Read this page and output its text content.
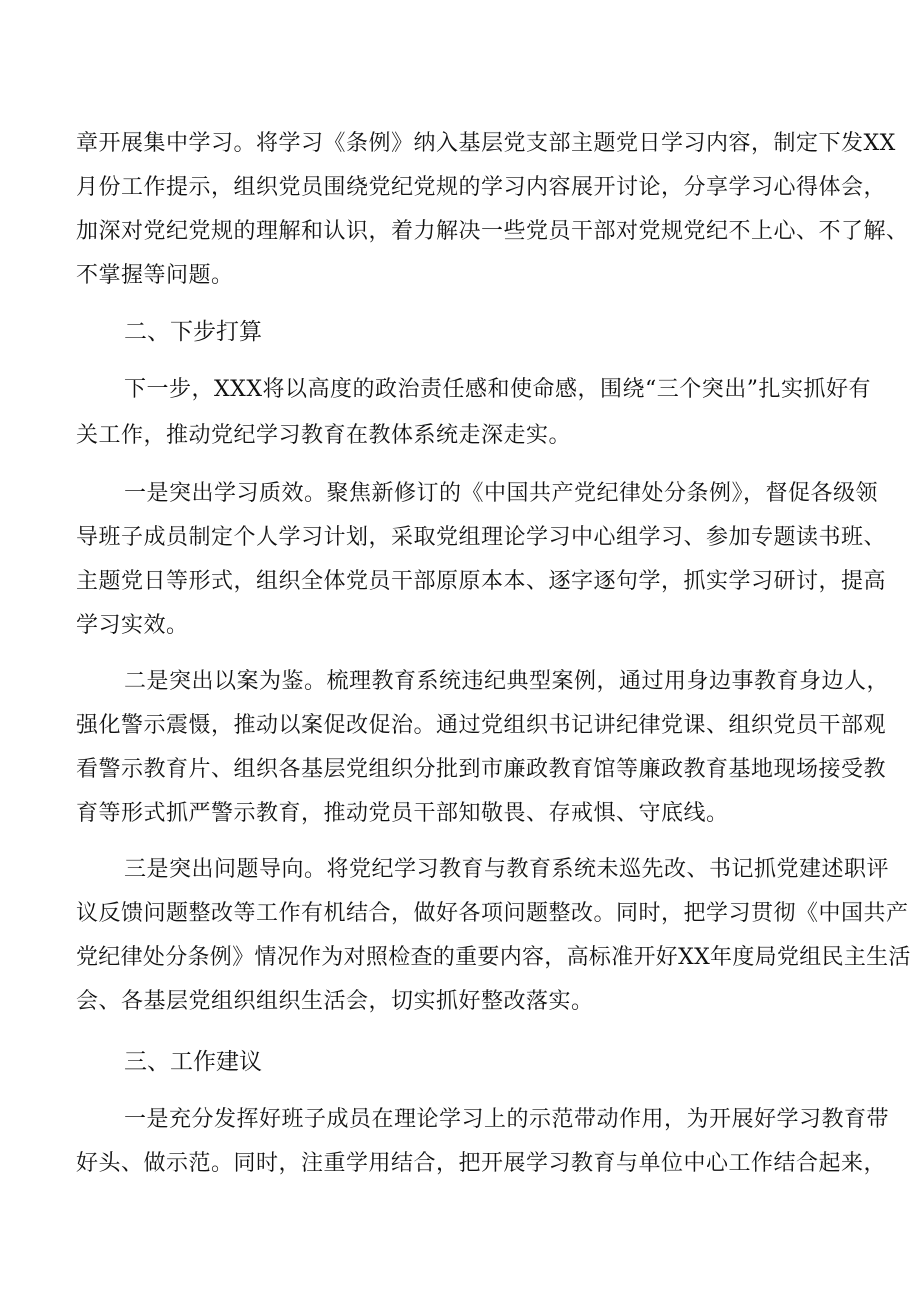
章开展集中学习。将学习《条例》纳入基层党支部主题党日学习内容，制定下发XX
月份工作提示，组织党员围绕党纪党规的学习内容展开讨论，分享学习心得体会，
加深对党纪党规的理解和认识，着力解决一些党员干部对党规党纪不上心、不了解、
不掌握等问题。
二、下步打算
下一步，XXX将以高度的政治责任感和使命感，围绕“三个突出”扎实抓好有
关工作，推动党纪学习教育在教体系统走深走实。
一是突出学习质效。聚焦新修订的《中国共产党纪律处分条例》，督促各级领
导班子成员制定个人学习计划，采取党组理论学习中心组学习、参加专题读书班、
主题党日等形式，组织全体党员干部原原本本、逐字逐句学，抓实学习研讨，提高
学习实效。
二是突出以案为鉴。梳理教育系统违纪典型案例，通过用身边事教育身边人，
强化警示震慑，推动以案促改促治。通过党组织书记讲纪律党课、组织党员干部观
看警示教育片、组织各基层党组织分批到市廉政教育馆等廉政教育基地现场接受教
育等形式抓严警示教育，推动党员干部知敬畏、存戒惧、守底线。
三是突出问题导向。将党纪学习教育与教育系统未巡先改、书记抓党建述职评
议反馈问题整改等工作有机结合，做好各项问题整改。同时，把学习贯彻《中国共产
党纪律处分条例》情况作为对照检查的重要内容，高标准开好XX年度局党组民主生活
会、各基层党组织组织生活会，切实抓好整改落实。
三、工作建议
一是充分发挥好班子成员在理论学习上的示范带动作用，为开展好学习教育带
好头、做示范。同时，注重学用结合，把开展学习教育与单位中心工作结合起来，
